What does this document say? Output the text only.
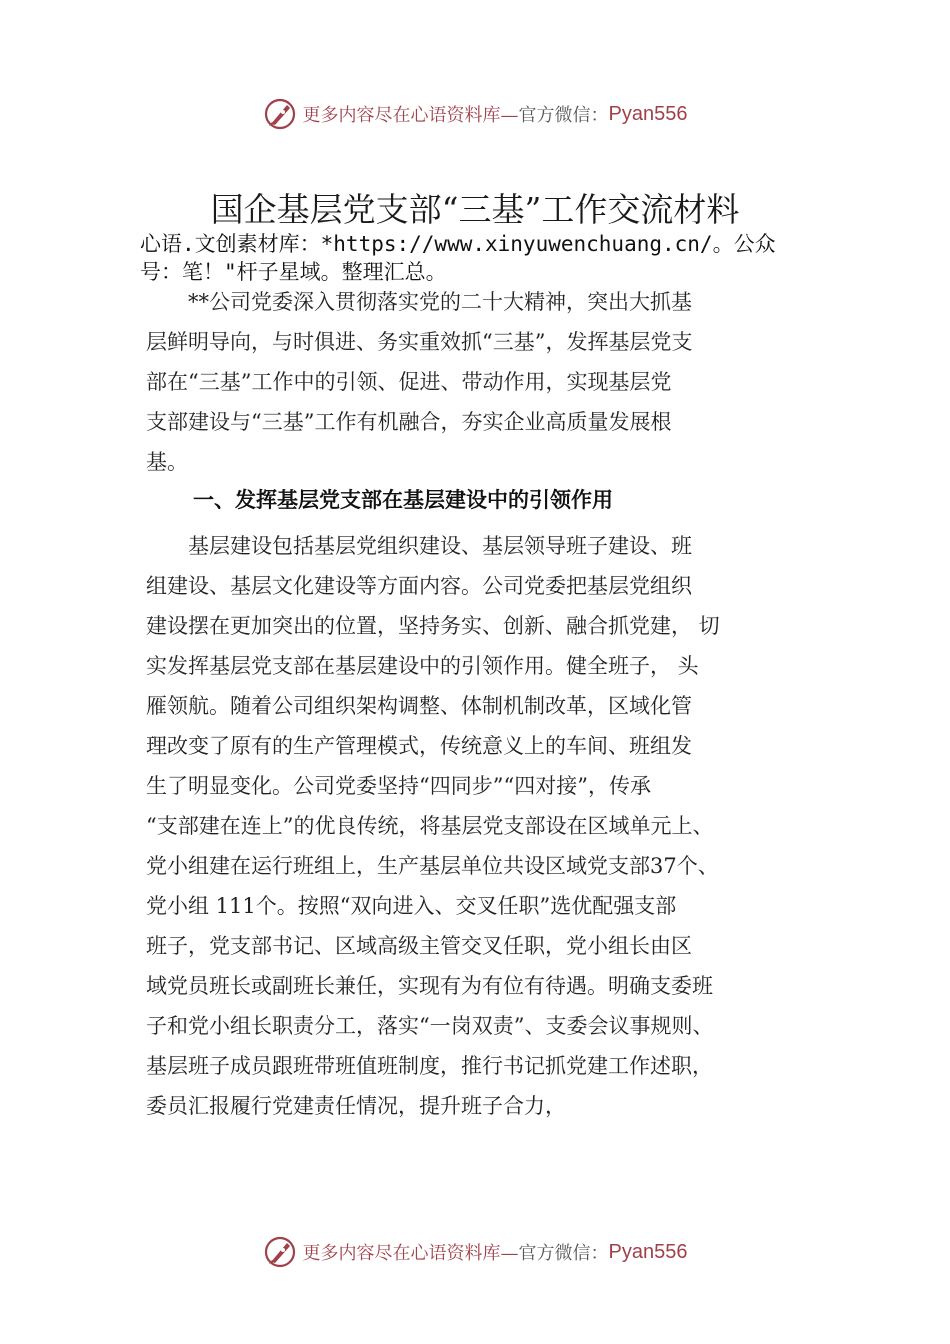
更多内容尽在心语资料库— 官方微信： Pyan556
国企基层党支部“三基”工作交流材料
心语.文创素材库：*https://www.xinyuwenchuang.cn/。公众
号：笔！"杆子星域。整理汇总。
　　**公司党委深入贯彻落实党的二十大精神，突出大抓基
层鲜明导向，与时俱进、务实重效抓“三基”，发挥基层党支
部在“三基”工作中的引领、促进、带动作用，实现基层党
支部建设与“三基”工作有机融合，夯实企业高质量发展根
基。
一、发挥基层党支部在基层建设中的引领作用
　　基层建设包括基层党组织建设、基层领导班子建设、班
组建设、基层文化建设等方面内容。公司党委把基层党组织
建设摆在更加突出的位置，坚持务实、创新、融合抓党建， 切
实发挥基层党支部在基层建设中的引领作用。健全班子， 头
雁领航。随着公司组织架构调整、体制机制改革，区域化管
理改变了原有的生产管理模式，传统意义上的车间、班组发
生了明显变化。公司党委坚持“四同步”“四对接”，传承
“支部建在连上”的优良传统，将基层党支部设在区域单元上、
党小组建在运行班组上，生产基层单位共设区域党支部37个、
党小组 111个。按照“双向进入、交叉任职”选优配强支部
班子，党支部书记、区域高级主管交叉任职，党小组长由区
域党员班长或副班长兼任，实现有为有位有待遇。明确支委班
子和党小组长职责分工，落实“一岗双责”、支委会议事规则、
基层班子成员跟班带班值班制度，推行书记抓党建工作述职，
委员汇报履行党建责任情况，提升班子合力，
更多内容尽在心语资料库— 官方微信： Pyan556
